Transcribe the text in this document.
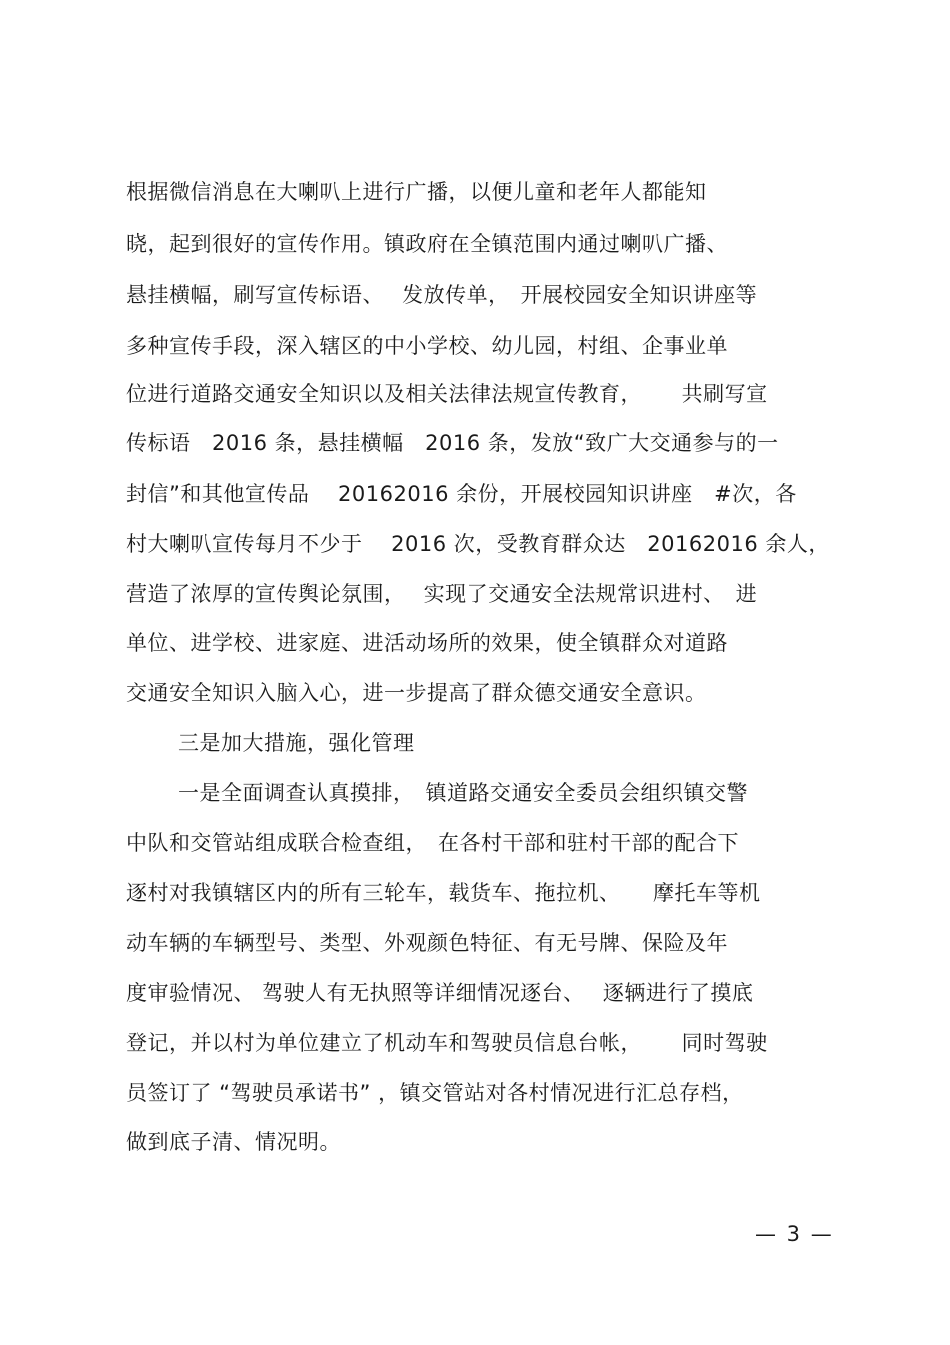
根据微信消息在大喇叭上进行广播，以便儿童和老年人都能知
晓，起到很好的宣传作用。镇政府在全镇范围内通过喇叭广播、
悬挂横幅，刷写宣传标语、　 发放传单，　开展校园安全知识讲座等
多种宣传手段，深入辖区的中小学校、幼儿园，村组、企事业单
位进行道路交通安全知识以及相关法律法规宣传教育，　　 共刷写宣
传标语　2016 条，悬挂横幅　2016 条，发放“致广大交通参与的一
封信”和其他宣传品　 20162016 余份，开展校园知识讲座　#次，各
村大喇叭宣传每月不少于　 2016 次，受教育群众达　20162016 余人，
营造了浓厚的宣传舆论氛围，　 实现了交通安全法规常识进村、　进
单位、进学校、进家庭、进活动场所的效果，使全镇群众对道路
交通安全知识入脑入心，进一步提高了群众德交通安全意识。
三是加大措施，强化管理
一是全面调查认真摸排，　镇道路交通安全委员会组织镇交警
中队和交管站组成联合检查组，　在各村干部和驻村干部的配合下
逐村对我镇辖区内的所有三轮车，载货车、拖拉机、　　摩托车等机
动车辆的车辆型号、类型、外观颜色特征、有无号牌、保险及年
度审验情况、 驾驶人有无执照等详细情况逐台、　 逐辆进行了摸底
登记，并以村为单位建立了机动车和驾驶员信息台帐，　　 同时驾驶
员签订了 “驾驶员承诺书” ，镇交管站对各村情况进行汇总存档，
做到底子清、情况明。
— 3 —
